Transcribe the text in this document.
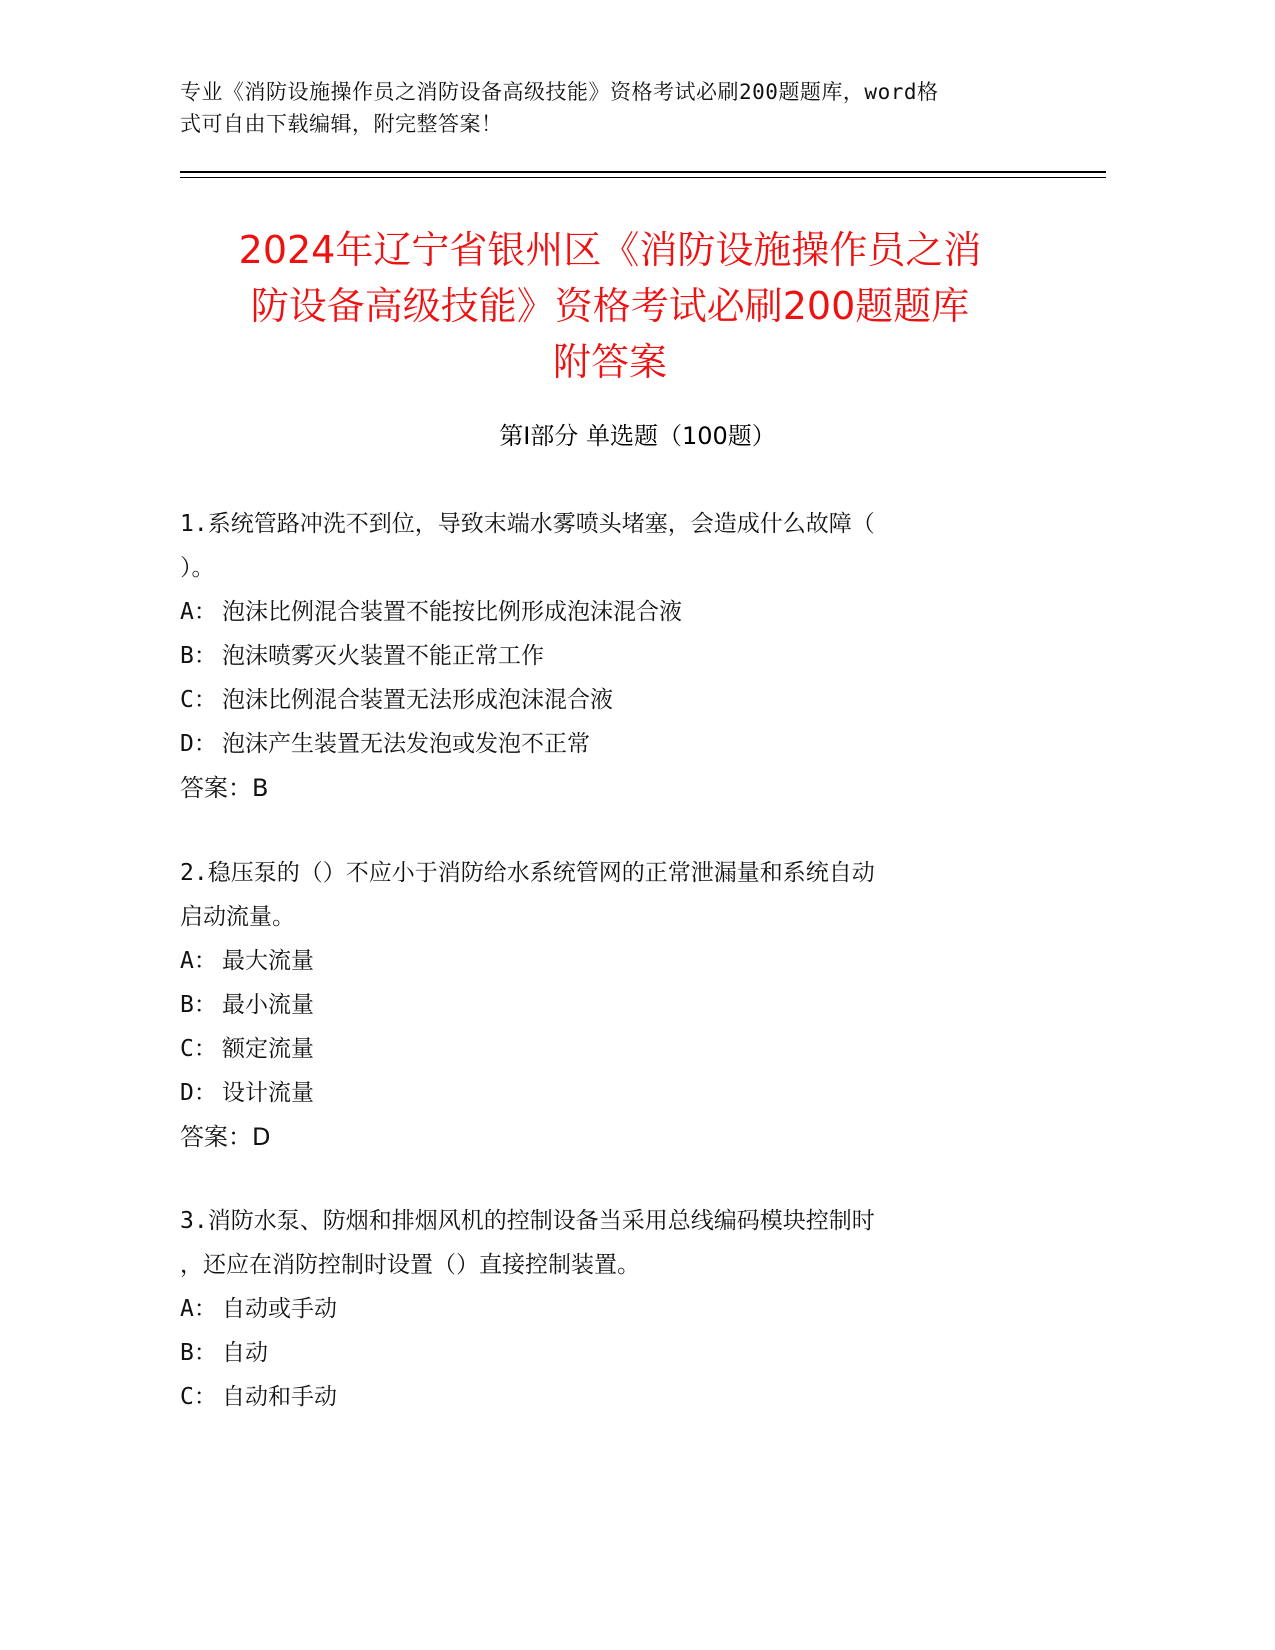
专业《消防设施操作员之消防设备高级技能》资格考试必刷200题题库，word格
式可自由下载编辑，附完整答案！
2024年辽宁省银州区《消防设施操作员之消
防设备高级技能》资格考试必刷200题题库
附答案
第Ⅰ部分 单选题（100题）
1.系统管路冲洗不到位，导致末端水雾喷头堵塞，会造成什么故障（
）。
A： 泡沫比例混合装置不能按比例形成泡沫混合液
B： 泡沫喷雾灭火装置不能正常工作
C： 泡沫比例混合装置无法形成泡沫混合液
D： 泡沫产生装置无法发泡或发泡不正常
答案：B
2.稳压泵的（）不应小于消防给水系统管网的正常泄漏量和系统自动
启动流量。
A： 最大流量
B： 最小流量
C： 额定流量
D： 设计流量
答案：D
3.消防水泵、防烟和排烟风机的控制设备当采用总线编码模块控制时
，还应在消防控制时设置（）直接控制装置。
A： 自动或手动
B： 自动
C： 自动和手动
